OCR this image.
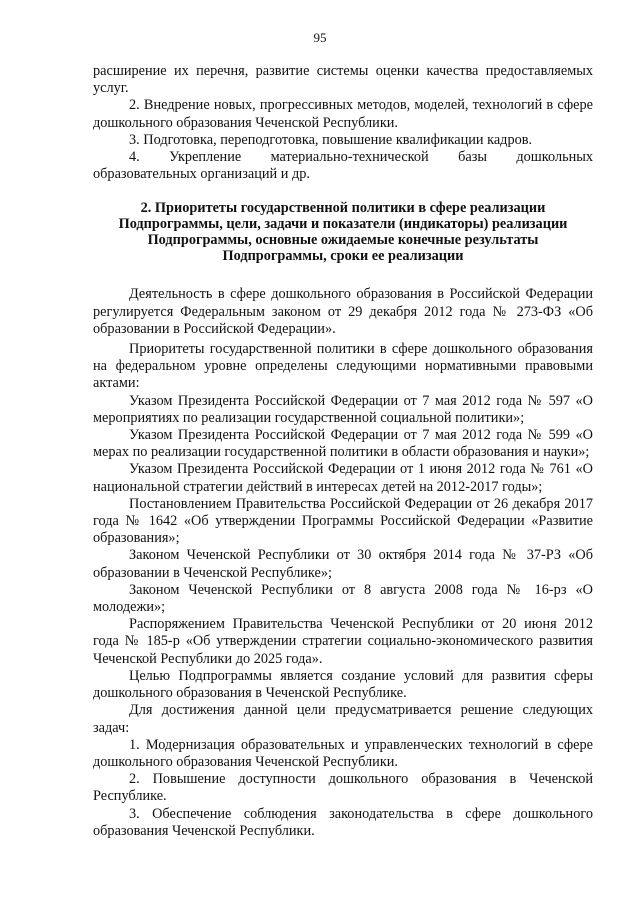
95

расширение их перечня, развитие системы оценки качества предоставляемых услуг.

2. Внедрение новых, прогрессивных методов, моделей, технологий в сфере дошкольного образования Чеченской Республики.

3. Подготовка, переподготовка, повышение квалификации кадров.

4. Укрепление материально-технической базы дошкольных образовательных организаций и др.

2. Приоритеты государственной политики в сфере реализации
Подпрограммы, цели, задачи и показатели (индикаторы) реализации
Подпрограммы, основные ожидаемые конечные результаты
Подпрограммы, сроки ее реализации

Деятельность в сфере дошкольного образования в Российской Федерации регулируется Федеральным законом от 29 декабря 2012 года № 273-ФЗ «Об образовании в Российской Федерации».

Приоритеты государственной политики в сфере дошкольного образования на федеральном уровне определены следующими нормативными правовыми актами:

Указом Президента Российской Федерации от 7 мая 2012 года № 597 «О мероприятиях по реализации государственной социальной политики»;

Указом Президента Российской Федерации от 7 мая 2012 года № 599 «О мерах по реализации государственной политики в области образования и науки»;

Указом Президента Российской Федерации от 1 июня 2012 года № 761 «О национальной стратегии действий в интересах детей на 2012-2017 годы»;

Постановлением Правительства Российской Федерации от 26 декабря 2017 года № 1642 «Об утверждении Программы Российской Федерации «Развитие образования»;

Законом Чеченской Республики от 30 октября 2014 года № 37-РЗ «Об образовании в Чеченской Республике»;

Законом Чеченской Республики от 8 августа 2008 года № 16-рз «О молодежи»;

Распоряжением Правительства Чеченской Республики от 20 июня 2012 года № 185-р «Об утверждении стратегии социально-экономического развития Чеченской Республики до 2025 года».

Целью Подпрограммы является создание условий для развития сферы дошкольного образования в Чеченской Республике.

Для достижения данной цели предусматривается решение следующих задач:

1. Модернизация образовательных и управленческих технологий в сфере дошкольного образования Чеченской Республики.

2. Повышение доступности дошкольного образования в Чеченской Республике.

3. Обеспечение соблюдения законодательства в сфере дошкольного образования Чеченской Республики.
